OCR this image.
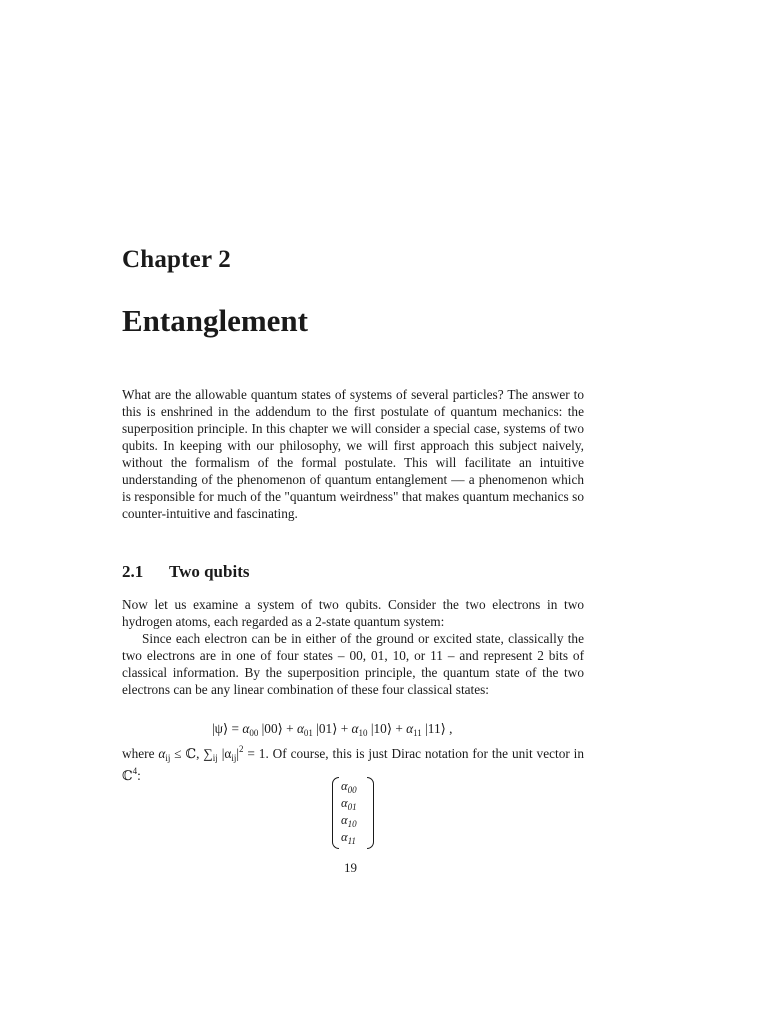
Chapter 2
Entanglement

What are the allowable quantum states of systems of several particles? The answer to this is enshrined in the addendum to the first postulate of quantum mechanics: the superposition principle. In this chapter we will consider a special case, systems of two qubits. In keeping with our philosophy, we will first approach this subject naively, without the formalism of the formal postulate. This will facilitate an intuitive understanding of the phenomenon of quantum entanglement — a phenomenon which is responsible for much of the "quantum weirdness" that makes quantum mechanics so counter-intuitive and fascinating.

2.1 Two qubits

Now let us examine a system of two qubits. Consider the two electrons in two hydrogen atoms, each regarded as a 2-state quantum system:

Since each electron can be in either of the ground or excited state, classically the two electrons are in one of four states – 00, 01, 10, or 11 – and represent 2 bits of classical information. By the superposition principle, the quantum state of the two electrons can be any linear combination of these four classical states:

|ψ⟩ = $\alpha_{00}$ |00⟩ + $\alpha_{01}$ |01⟩ + $\alpha_{10}$ |10⟩ + $\alpha_{11}$ |11⟩ ,

where $\alpha_{ij}$ ≤ ℂ, $\sum_{ij}$ $|\alpha_{ij}|^2 = 1$. Of course, this is just Dirac notation for the unit vector in ℂ$^4$:

$\alpha_{00}$
$\alpha_{01}$
$\alpha_{10}$
$\alpha_{11}$
19
